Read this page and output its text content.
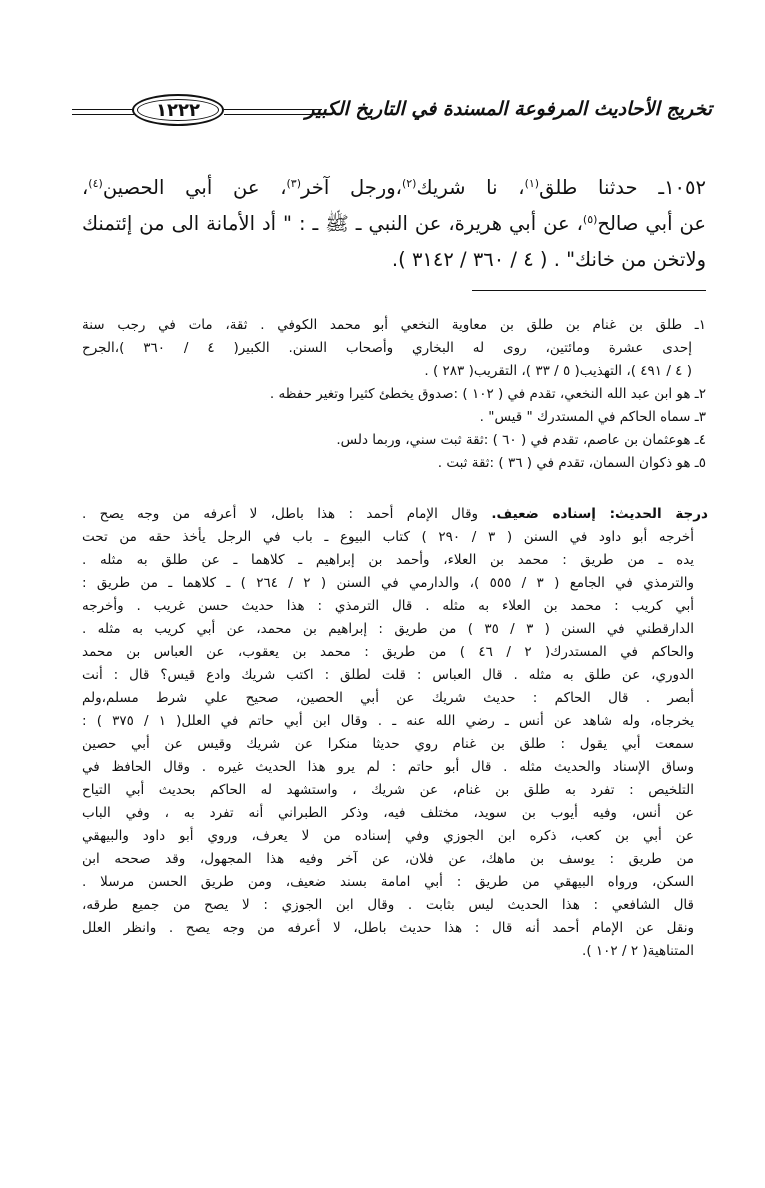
١٢٢٢	تخريج الأحاديث المرفوعة المسندة في التاريخ الكبير
١٠٥٢ـ حدثنا طلق$^{(١)}$، نا شريك$^{(٢)}$،ورجل آخر$^{(٣)}$، عن أبي الحصين$^{(٤)}$،
عن أبي صالح$^{(٥)}$، عن أبي هريرة، عن النبي ـ ﷺ ـ : " أد الأمانة الى من إئتمنك
ولاتخن من خانك" . ( ٤ / ٣٦٠ / ٣١٤٢ ).
١ـ طلق بن غنام بن طلق بن معاوية النخعي أبو محمد الكوفي . ثقة، مات في رجب سنة
إحدى عشرة ومائتين، روى له البخاري وأصحاب السنن. الكبير( ٤ / ٣٦٠ )،الجرح
( ٤ / ٤٩١ )، التهذيب( ٥ / ٣٣ )، التقريب( ٢٨٣ ) .
٢ـ هو ابن عبد الله النخعي، تقدم في ( ١٠٢ ) :صدوق يخطئ كثيرا وتغير حفظه .
٣ـ سماه الحاكم في المستدرك " قيس" .
٤ـ هوعثمان بن عاصم، تقدم في ( ٦٠ ) :ثقة ثبت سني، وربما دلس.
٥ـ هو ذكوان السمان، تقدم في ( ٣٦ ) :ثقة ثبت .
درجة الحديث: إسناده ضعيف. وقال الإمام أحمد : هذا باطل، لا أعرفه من وجه يصح .
أخرجه أبو داود في السنن ( ٣ / ٢٩٠ ) كتاب البيوع ـ باب في الرجل يأخذ حقه من تحت
يده ـ من طريق : محمد بن العلاء، وأحمد بن إبراهيم ـ كلاهما ـ عن طلق به مثله .
والترمذي في الجامع ( ٣ / ٥٥٥ )، والدارمي في السنن ( ٢ / ٢٦٤ ) ـ كلاهما ـ من طريق :
أبي كريب : محمد بن العلاء به مثله . قال الترمذي : هذا حديث حسن غريب . وأخرجه
الدارقطني في السنن ( ٣ / ٣٥ ) من طريق : إبراهيم بن محمد، عن أبي كريب به مثله .
والحاكم في المستدرك( ٢ / ٤٦ ) من طريق : محمد بن يعقوب، عن العباس بن محمد
الدوري، عن طلق به مثله . قال العباس : قلت لطلق : اكتب شريك وادع قيس؟ قال : أنت
أبصر . قال الحاكم : حديث شريك عن أبي الحصين، صحيح علي شرط مسلم،ولم
يخرجاه، وله شاهد عن أنس ـ رضي الله عنه ـ . وقال ابن أبي حاتم في العلل( ١ / ٣٧٥ ) :
سمعت أبي يقول : طلق بن غنام روي حديثا منكرا عن شريك وقيس عن أبي حصين
وساق الإسناد والحديث مثله . قال أبو حاتم : لم يرو هذا الحديث غيره . وقال الحافظ في
التلخيص : تفرد به طلق بن غنام، عن شريك ، واستشهد له الحاكم بحديث أبي التياح
عن أنس، وفيه أيوب بن سويد، مختلف فيه، وذكر الطبراني أنه تفرد به ، وفي الباب
عن أبي بن كعب، ذكره ابن الجوزي وفي إسناده من لا يعرف، وروي أبو داود والبيهقي
من طريق : يوسف بن ماهك، عن فلان، عن آخر وفيه هذا المجهول، وقد صححه ابن
السكن، ورواه البيهقي من طريق : أبي امامة بسند ضعيف، ومن طريق الحسن مرسلا .
قال الشافعي : هذا الحديث ليس بثابت . وقال ابن الجوزي : لا يصح من جميع طرقه،
ونقل عن الإمام أحمد أنه قال : هذا حديث باطل، لا أعرفه من وجه يصح . وانظر العلل
المتناهية( ٢ / ١٠٢ ).
